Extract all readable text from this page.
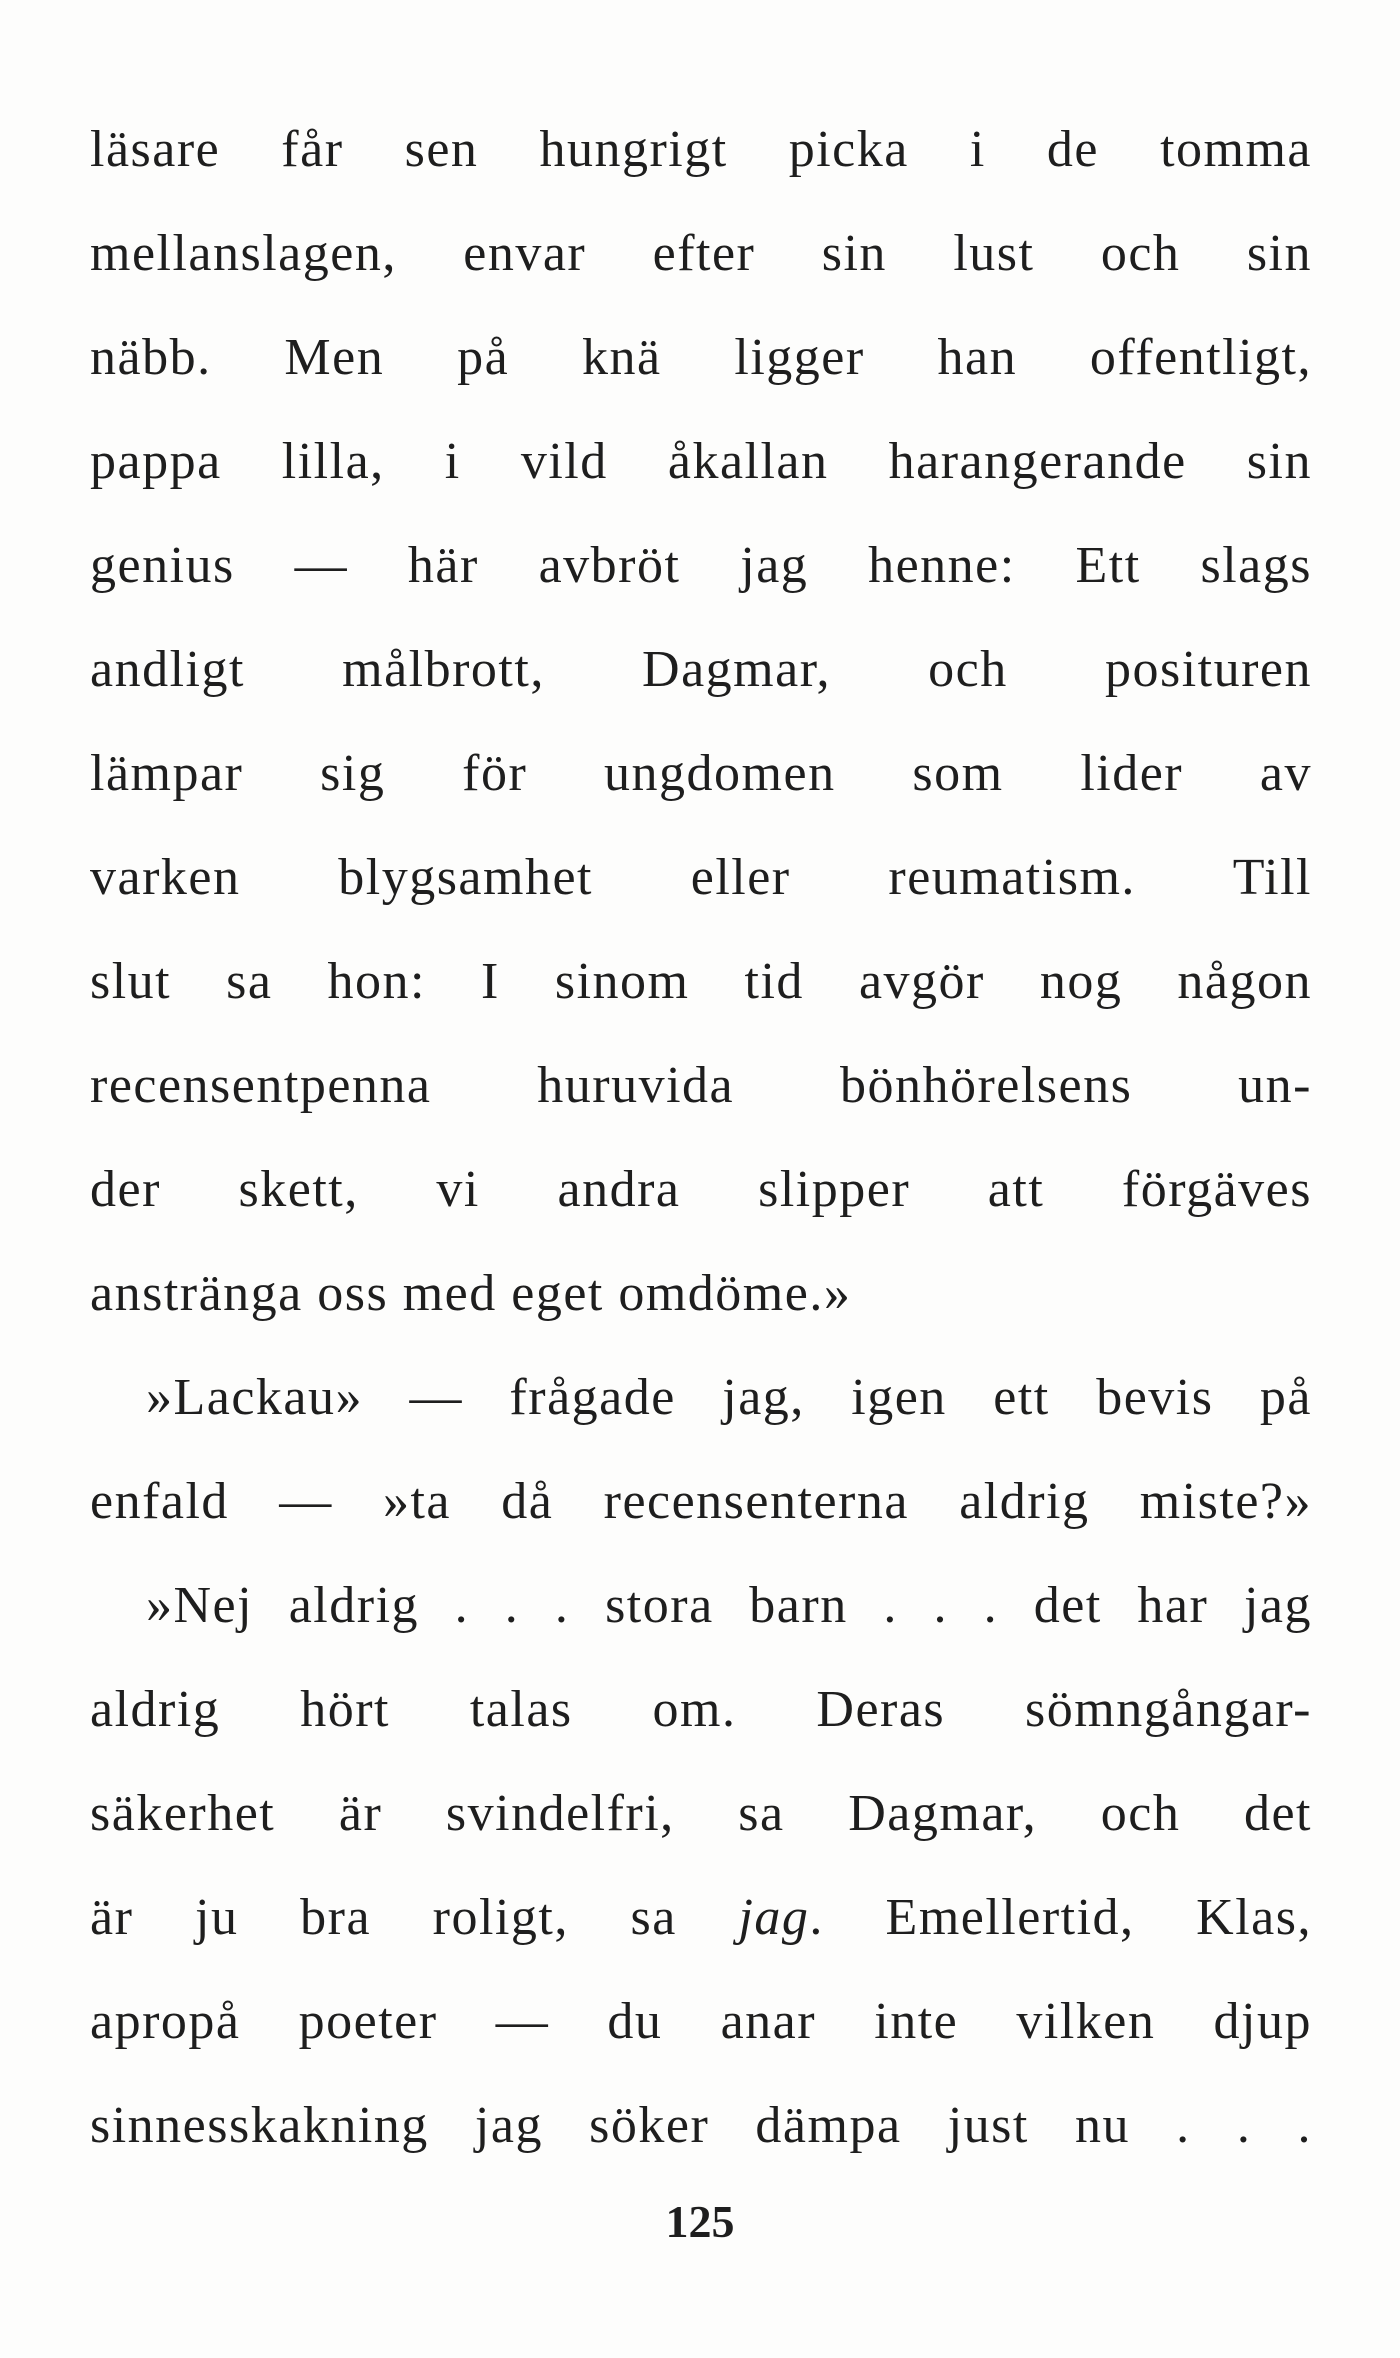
läsare får sen hungrigt picka i de tomma
mellanslagen, envar efter sin lust och sin
näbb. Men på knä ligger han offentligt,
pappa lilla, i vild åkallan harangerande sin
genius — här avbröt jag henne: Ett slags
andligt målbrott, Dagmar, och posituren
lämpar sig för ungdomen som lider av
varken blygsamhet eller reumatism. Till
slut sa hon: I sinom tid avgör nog någon
recensentpenna huruvida bönhörelsens un-
der skett, vi andra slipper att förgäves
anstränga oss med eget omdöme.»
»Lackau» — frågade jag, igen ett bevis på
enfald — »ta då recensenterna aldrig miste?»
»Nej aldrig . . . stora barn . . . det har jag
aldrig hört talas om. Deras sömngångar-
säkerhet är svindelfri, sa Dagmar, och det
är ju bra roligt, sa jag. Emellertid, Klas,
apropå poeter — du anar inte vilken djup
sinnesskakning jag söker dämpa just nu . . .
125
